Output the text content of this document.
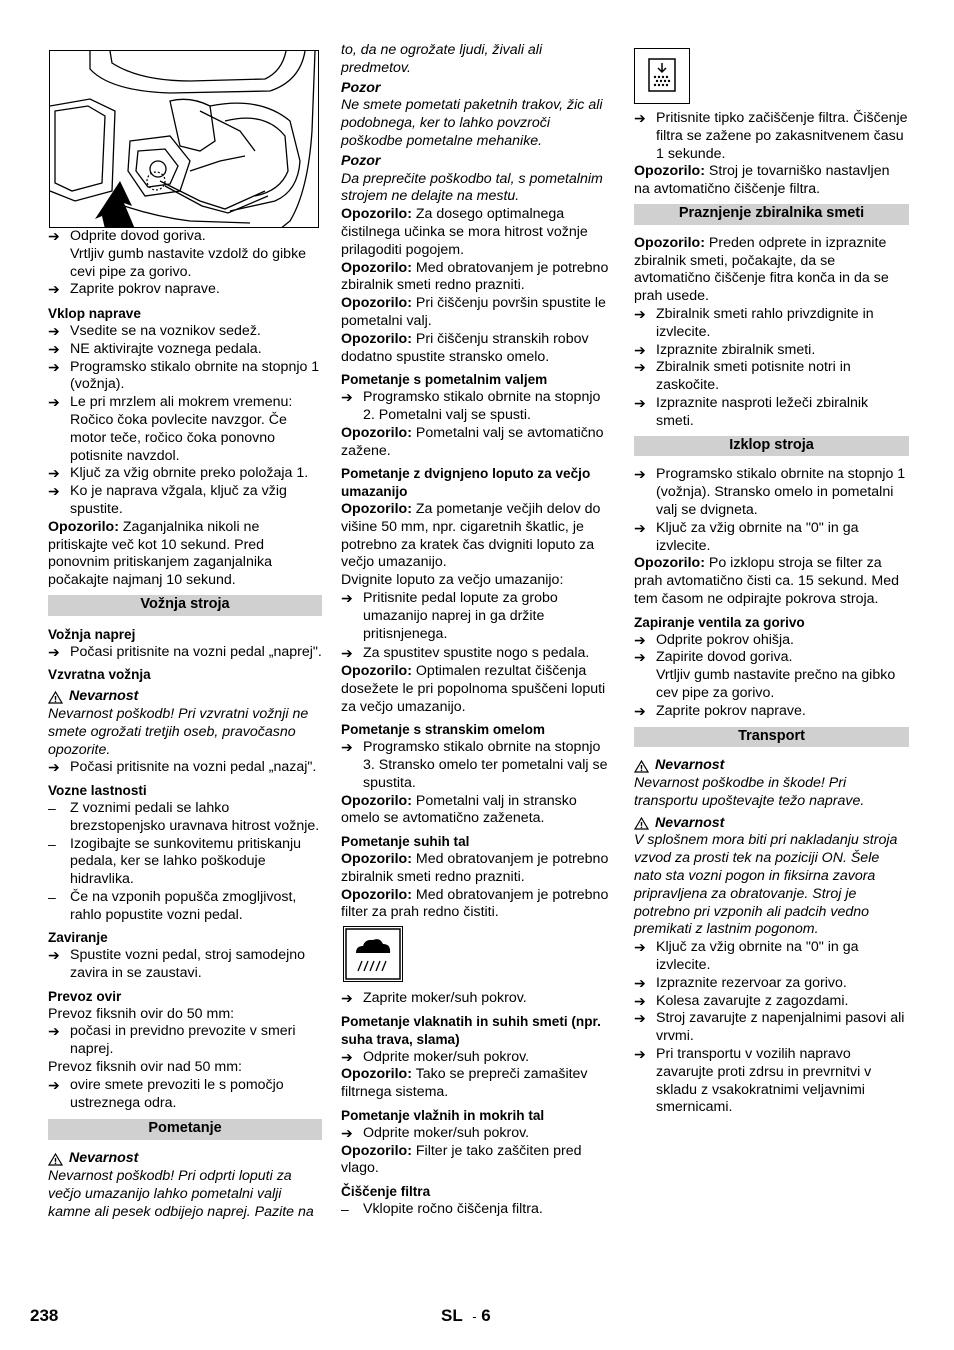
➔ Odprite dovod goriva.
Vrtljiv gumb nastavite vzdolž do gibke cevi pipe za gorivo.
➔ Zaprite pokrov naprave.
Vklop naprave
➔ Vsedite se na voznikov sedež.
➔ NE aktivirajte voznega pedala.
➔ Programsko stikalo obrnite na stopnjo 1 (vožnja).
➔ Le pri mrzlem ali mokrem vremenu: Ročico čoka povlecite navzgor. Če motor teče, ročico čoka ponovno potisnite navzdol.
➔ Ključ za vžig obrnite preko položaja 1.
➔ Ko je naprava vžgala, ključ za vžig spustite.

Opozorilo: Zaganjalnika nikoli ne pritiskajte več kot 10 sekund. Pred ponovnim pritiskanjem zaganjalnika počakajte najmanj 10 sekund.

Vožnja stroja
Vožnja naprej
➔ Počasi pritisnite na vozni pedal „naprej".
Vzvratna vožnja
Nevarnost

Nevarnost poškodb! Pri vzvratni vožnji ne smete ogrožati tretjih oseb, pravočasno opozorite.

➔ Počasi pritisnite na vozni pedal „nazaj".
Vozne lastnosti
–	Z voznimi pedali se lahko brezstopenjsko uravnava hitrost vožnje.
–	Izogibajte se sunkovitemu pritiskanju pedala, ker se lahko poškoduje hidravlika.
–	Če na vzponih popušča zmogljivost, rahlo popustite vozni pedal.
Zaviranje
➔ Spustite vozni pedal, stroj samodejno zavira in se zaustavi.
Prevoz ovir

Prevoz fiksnih ovir do 50 mm:

➔ počasi in previdno prevozite v smeri naprej.

Prevoz fiksnih ovir nad 50 mm:

➔ ovire smete prevoziti le s pomočjo ustreznega odra.
Pometanje
Nevarnost

Nevarnost poškodb! Pri odprti loputi za večjo umazanijo lahko pometalni valji kamne ali pesek odbijejo naprej. Pazite na

to, da ne ogrožate ljudi, živali ali predmetov.

Pozor

Ne smete pometati paketnih trakov, žic ali podobnega, ker to lahko povzroči poškodbe pometalne mehanike.

Pozor

Da preprečite poškodbo tal, s pometalnim strojem ne delajte na mestu.

Opozorilo: Za dosego optimalnega čistilnega učinka se mora hitrost vožnje prilagoditi pogojem.

Opozorilo: Med obratovanjem je potrebno zbiralnik smeti redno prazniti.

Opozorilo: Pri čiščenju površin spustite le pometalni valj.

Opozorilo: Pri čiščenju stranskih robov dodatno spustite stransko omelo.

Pometanje s pometalnim valjem
➔ Programsko stikalo obrnite na stopnjo 2. Pometalni valj se spusti.

Opozorilo: Pometalni valj se avtomatično zažene.

Pometanje z dvignjeno loputo za večjo umazanijo

Opozorilo: Za pometanje večjih delov do višine 50 mm, npr. cigaretnih škatlic, je potrebno za kratek čas dvigniti loputo za večjo umazanijo.

Dvignite loputo za večjo umazanijo:

➔ Pritisnite pedal lopute za grobo umazanijo naprej in ga držite pritisnjenega.
➔ Za spustitev spustite nogo s pedala.

Opozorilo: Optimalen rezultat čiščenja dosežete le pri popolnoma spuščeni loputi za večjo umazanijo.

Pometanje s stranskim omelom
➔ Programsko stikalo obrnite na stopnjo 3. Stransko omelo ter pometalni valj se spustita.

Opozorilo: Pometalni valj in stransko omelo se avtomatično zaženeta.

Pometanje suhih tal

Opozorilo: Med obratovanjem je potrebno zbiralnik smeti redno prazniti.

Opozorilo: Med obratovanjem je potrebno filter za prah redno čistiti.

➔ Zaprite moker/suh pokrov.
Pometanje vlaknatih in suhih smeti (npr. suha trava, slama)
➔ Odprite moker/suh pokrov.

Opozorilo: Tako se prepreči zamašitev filtrnega sistema.

Pometanje vlažnih in mokrih tal
➔ Odprite moker/suh pokrov.

Opozorilo: Filter je tako zaščiten pred vlago.

Čiščenje filtra
–	Vklopite ročno čiščenja filtra.
➔ Pritisnite tipko začiščenje filtra. Čiščenje filtra se zažene po zakasnitvenem času 1 sekunde.

Opozorilo: Stroj je tovarniško nastavljen na avtomatično čiščenje filtra.

Praznjenje zbiralnika smeti

Opozorilo: Preden odprete in izpraznite zbiralnik smeti, počakajte, da se avtomatično čiščenje fitra konča in da se prah usede.

➔ Zbiralnik smeti rahlo privzdignite in izvlecite.
➔ Izpraznite zbiralnik smeti.
➔ Zbiralnik smeti potisnite notri in zaskočite.
➔ Izpraznite nasproti ležeči zbiralnik smeti.
Izklop stroja
➔ Programsko stikalo obrnite na stopnjo 1 (vožnja). Stransko omelo in pometalni valj se dvigneta.
➔ Ključ za vžig obrnite na "0" in ga izvlecite.

Opozorilo: Po izklopu stroja se filter za prah avtomatično čisti ca. 15 sekund. Med tem časom ne odpirajte pokrova stroja.

Zapiranje ventila za gorivo
➔ Odprite pokrov ohišja.
➔ Zapirite dovod goriva.
Vrtljiv gumb nastavite prečno na gibko cev pipe za gorivo.
➔ Zaprite pokrov naprave.
Transport
Nevarnost

Nevarnost poškodbe in škode! Pri transportu upoštevajte težo naprave.

Nevarnost

V splošnem mora biti pri nakladanju stroja vzvod za prosti tek na poziciji ON. Šele nato sta vozni pogon in fiksirna zavora pripravljena za obratovanje. Stroj je potrebno pri vzponih ali padcih vedno premikati z lastnim pogonom.

➔ Ključ za vžig obrnite na "0" in ga izvlecite.
➔ Izpraznite rezervoar za gorivo.
➔ Kolesa zavarujte z zagozdami.
➔ Stroj zavarujte z napenjalnimi pasovi ali vrvmi.
➔ Pri transportu v vozilih napravo zavarujte proti zdrsu in prevrnitvi v skladu z vsakokratnimi veljavnimi smernicami.
238	SL - 6
